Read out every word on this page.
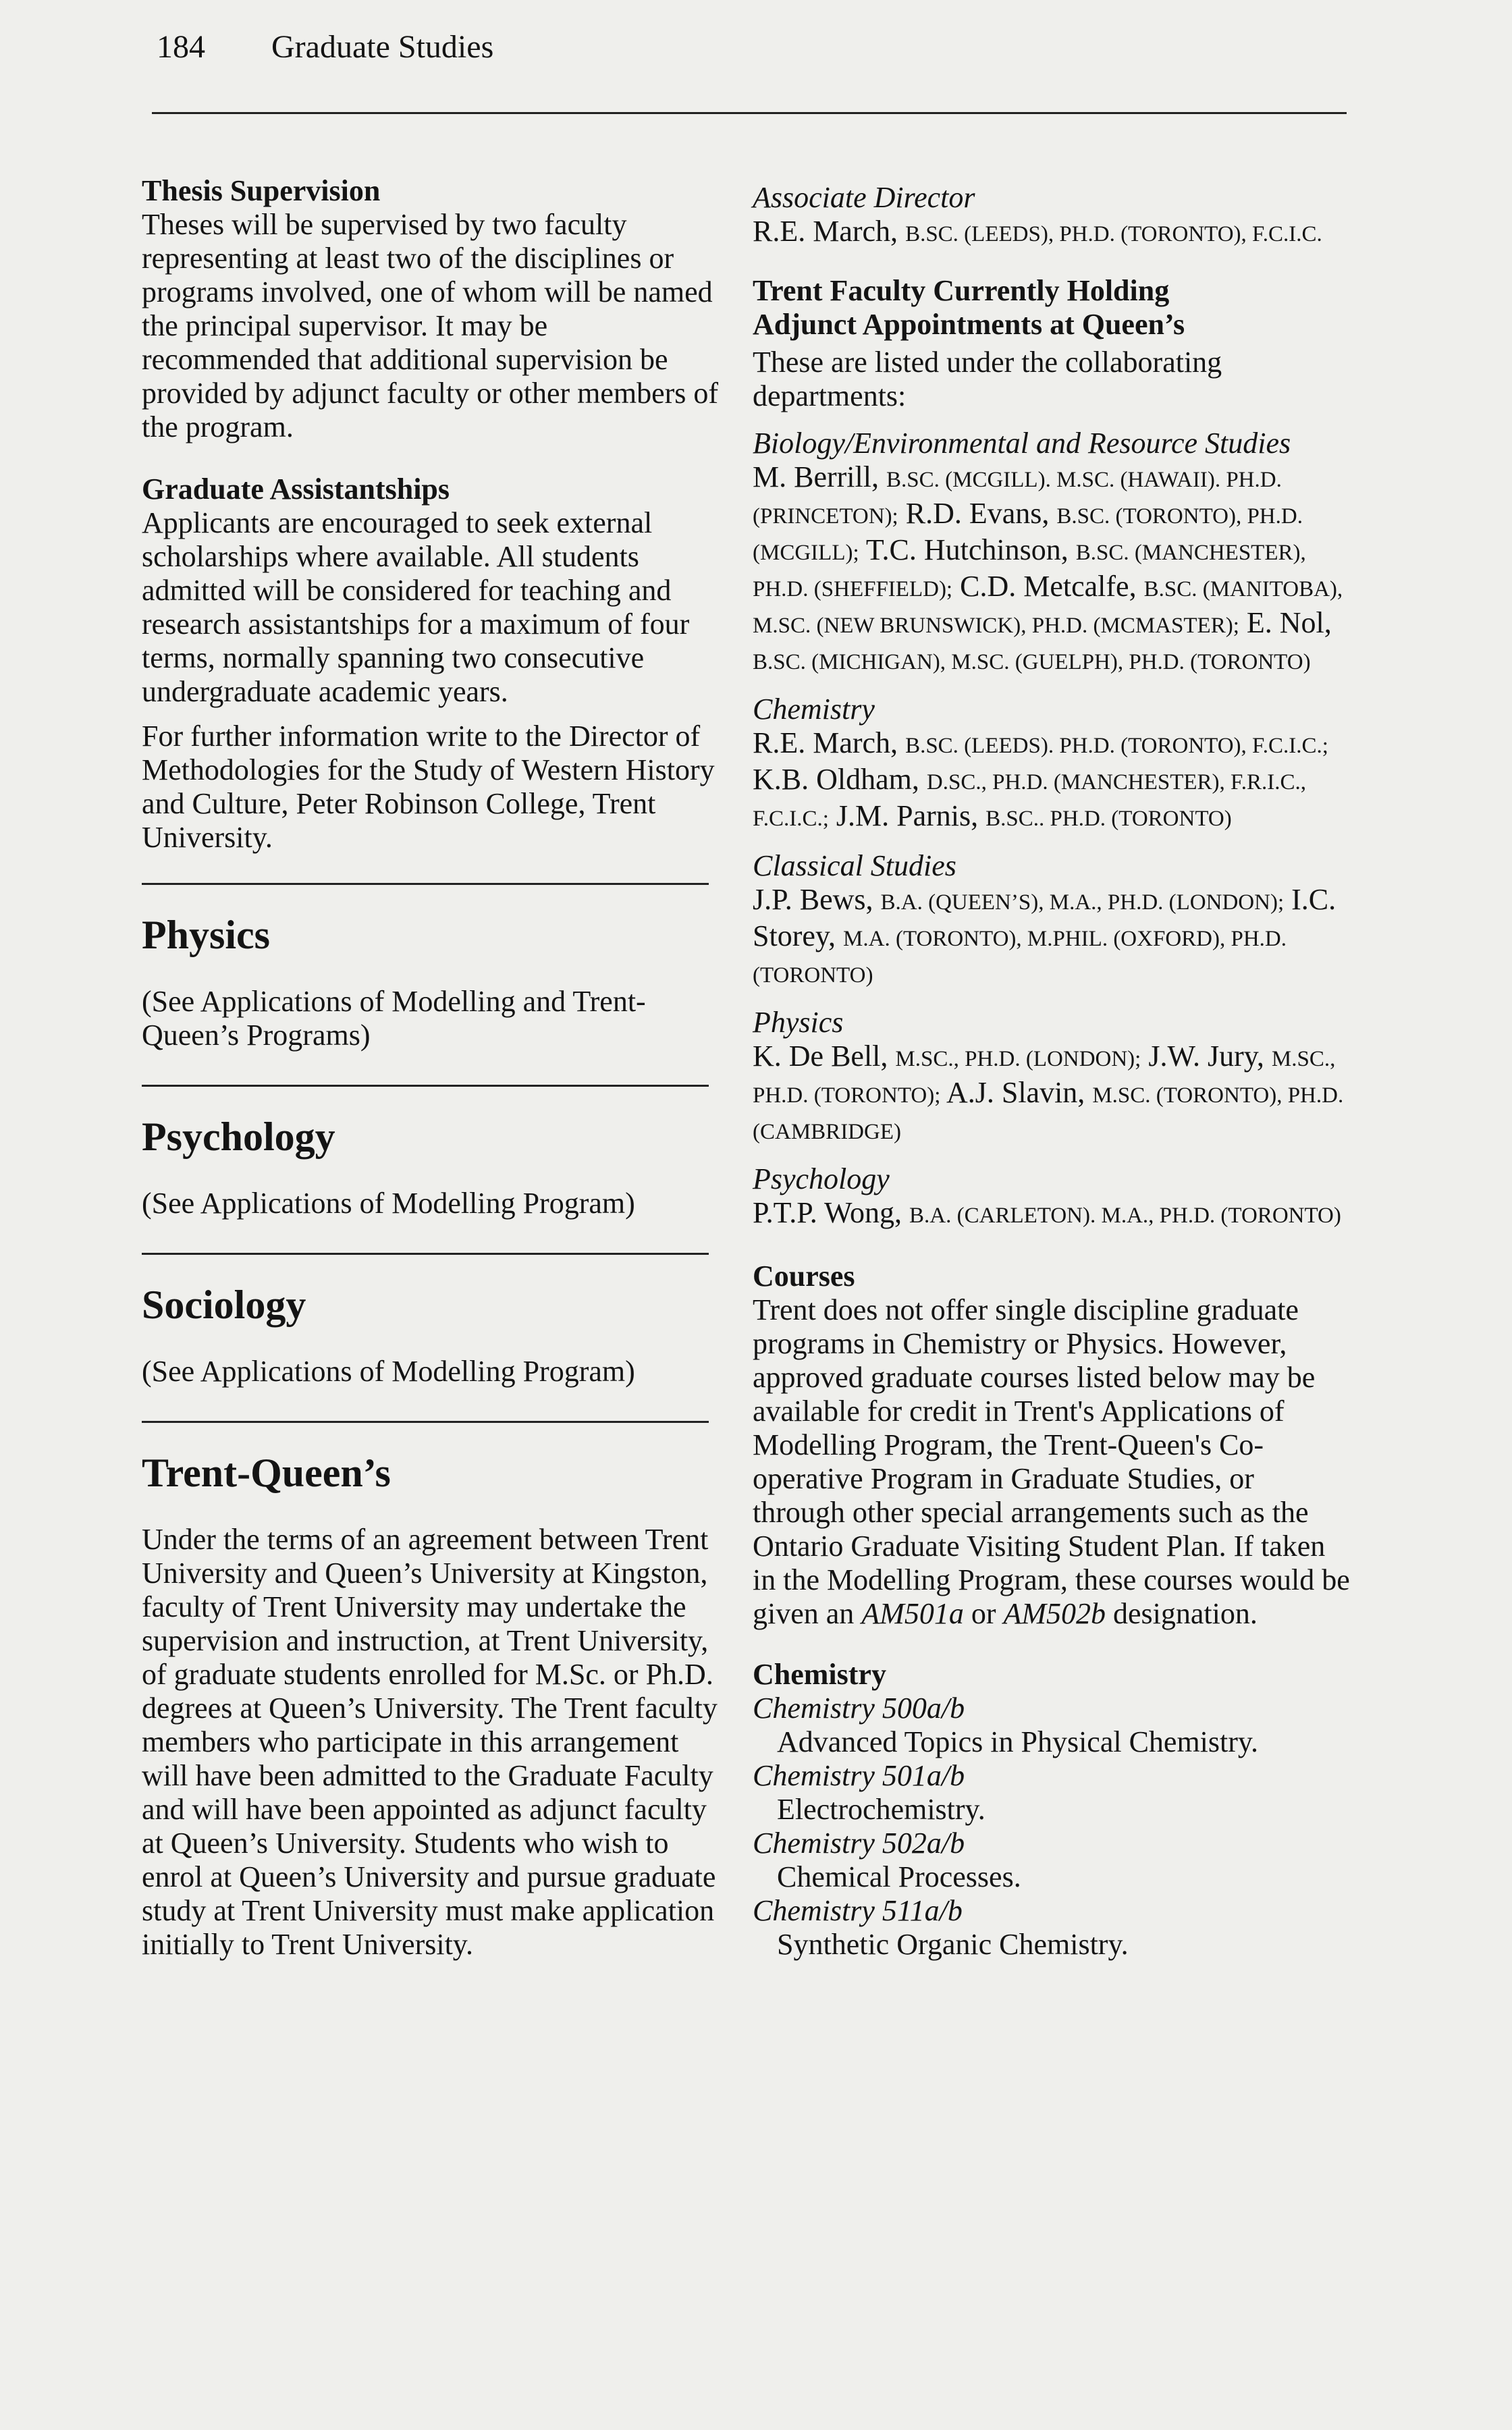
184 Graduate Studies
Thesis Supervision

Theses will be supervised by two faculty representing at least two of the disciplines or programs involved, one of whom will be named the principal supervisor. It may be recommended that additional supervision be provided by adjunct faculty or other members of the program.

Graduate Assistantships

Applicants are encouraged to seek external scholarships where available. All students admitted will be considered for teaching and research assistantships for a maximum of four terms, normally spanning two consecutive undergraduate academic years.

For further information write to the Director of Methodologies for the Study of Western History and Culture, Peter Robinson College, Trent University.

Physics

(See Applications of Modelling and Trent-Queen’s Programs)

Psychology

(See Applications of Modelling Program)

Sociology

(See Applications of Modelling Program)

Trent-Queen’s

Under the terms of an agreement between Trent University and Queen’s University at Kingston, faculty of Trent University may undertake the supervision and instruction, at Trent University, of graduate students enrolled for M.Sc. or Ph.D. degrees at Queen’s University. The Trent faculty members who participate in this arrangement will have been admitted to the Graduate Faculty and will have been appointed as adjunct faculty at Queen’s University. Students who wish to enrol at Queen’s University and pursue graduate study at Trent University must make application initially to Trent University.

Associate Director
R.E. March, B.SC. (LEEDS), PH.D. (TORONTO), F.C.I.C.
Trent Faculty Currently Holding
Adjunct Appointments at Queen’s

These are listed under the collaborating departments:

Biology/Environmental and Resource Studies
M. Berrill, B.SC. (MCGILL). M.SC. (HAWAII). PH.D. (PRINCETON); R.D. Evans, B.SC. (TORONTO), PH.D. (MCGILL); T.C. Hutchinson, B.SC. (MANCHESTER), PH.D. (SHEFFIELD); C.D. Metcalfe, B.SC. (MANITOBA), M.SC. (NEW BRUNSWICK), PH.D. (MCMASTER); E. Nol, B.SC. (MICHIGAN), M.SC. (GUELPH), PH.D. (TORONTO)
Chemistry
R.E. March, B.SC. (LEEDS). PH.D. (TORONTO), F.C.I.C.; K.B. Oldham, D.SC., PH.D. (MANCHESTER), F.R.I.C., F.C.I.C.; J.M. Parnis, B.SC.. PH.D. (TORONTO)
Classical Studies
J.P. Bews, B.A. (QUEEN’S), M.A., PH.D. (LONDON); I.C. Storey, M.A. (TORONTO), M.PHIL. (OXFORD), PH.D. (TORONTO)
Physics
K. De Bell, M.SC., PH.D. (LONDON); J.W. Jury, M.SC., PH.D. (TORONTO); A.J. Slavin, M.SC. (TORONTO), PH.D. (CAMBRIDGE)
Psychology
P.T.P. Wong, B.A. (CARLETON). M.A., PH.D. (TORONTO)
Courses

Trent does not offer single discipline graduate programs in Chemistry or Physics. However, approved graduate courses listed below may be available for credit in Trent's Applications of Modelling Program, the Trent-Queen's Co-operative Program in Graduate Studies, or through other special arrangements such as the Ontario Graduate Visiting Student Plan. If taken in the Modelling Program, these courses would be given an AM501a or AM502b designation.

Chemistry
Chemistry 500a/b
Advanced Topics in Physical Chemistry.
Chemistry 501a/b
Electrochemistry.
Chemistry 502a/b
Chemical Processes.
Chemistry 511a/b
Synthetic Organic Chemistry.
